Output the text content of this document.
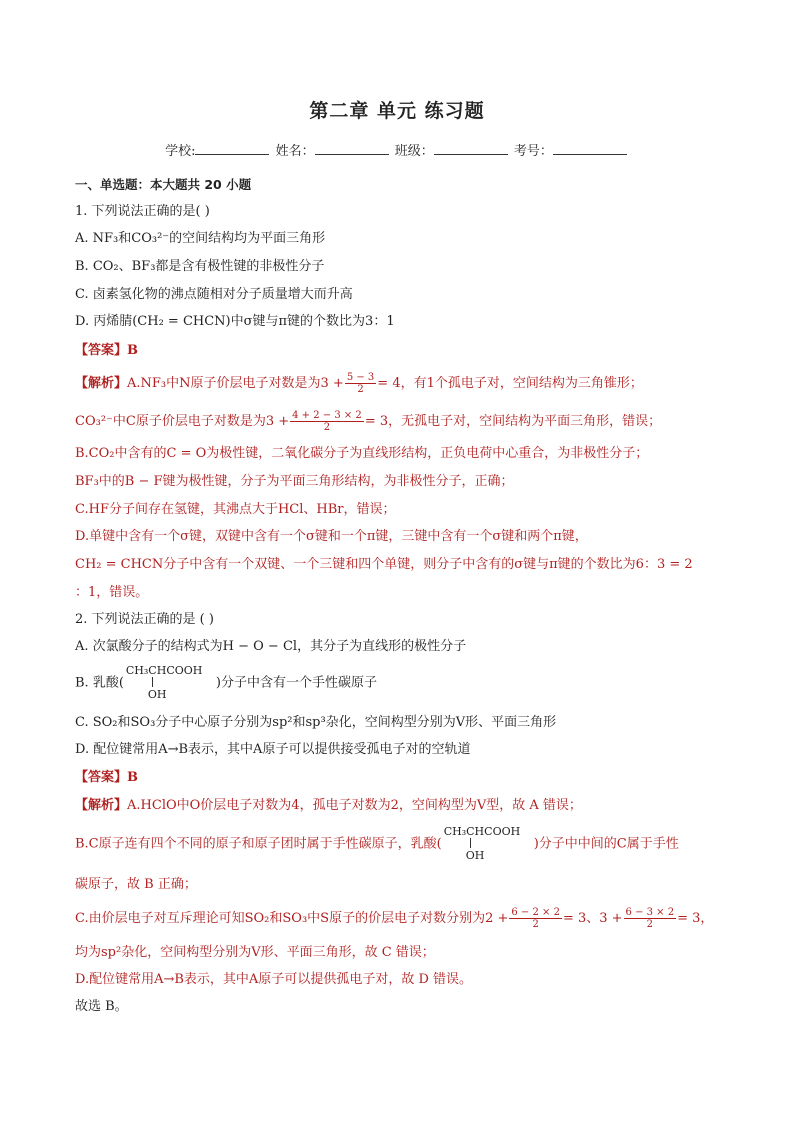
第二章 单元 练习题
学校:	姓名：	班级：	考号：
一、单选题：本大题共 20 小题
1. 下列说法正确的是( )
A. NF₃和CO₃²⁻的空间结构均为平面三角形
B. CO₂、BF₃都是含有极性键的非极性分子
C. 卤素氢化物的沸点随相对分子质量增大而升高
D. 丙烯腈(CH₂ = CHCN)中σ键与π键的个数比为3：1
【答案】B
【解析】A.NF₃中N原子价层电子对数是为$3 + \frac{5 - 3}{2} = 4$，有1个孤电子对，空间结构为三角锥形；
CO₃²⁻中C原子价层电子对数是为$3 + \frac{4 + 2 - 3 \times 2}{2} = 3$，无孤电子对，空间结构为平面三角形，错误；
B.CO₂中含有的C = O为极性键，二氧化碳分子为直线形结构，正负电荷中心重合，为非极性分子；
BF₃中的B − F键为极性键，分子为平面三角形结构，为非极性分子，正确；
C.HF分子间存在氢键，其沸点大于HCl、HBr，错误；
D.单键中含有一个σ键，双键中含有一个σ键和一个π键，三键中含有一个σ键和两个π键，
CH₂ = CHCN分子中含有一个双键、一个三键和四个单键，则分子中含有的σ键与π键的个数比为6：3 = 2
：1，错误。
2. 下列说法正确的是 ( )
A. 次氯酸分子的结构式为H − O − Cl，其分子为直线形的极性分子
B. 乳酸(
CH₃CHCOOH
OH
)分子中含有一个手性碳原子
C. SO₂和SO₃分子中心原子分别为sp²和sp³杂化，空间构型分别为V形、平面三角形
D. 配位键常用A→B表示，其中A原子可以提供接受孤电子对的空轨道
【答案】B
【解析】A.HClO中O价层电子对数为4，孤电子对数为2，空间构型为V型，故 A 错误；
B.C原子连有四个不同的原子和原子团时属于手性碳原子，乳酸(
CH₃CHCOOH
OH
)分子中中间的C属于手性
碳原子，故 B 正确；
C.由价层电子对互斥理论可知SO₂和SO₃中S原子的价层电子对数分别为$2 + \frac{6 - 2 \times 2}{2} = 3$、$3 + \frac{6 - 3 \times 2}{2} = 3$，
均为sp²杂化，空间构型分别为V形、平面三角形，故 C 错误；
D.配位键常用A→B表示，其中A原子可以提供孤电子对，故 D 错误。
故选 B。
